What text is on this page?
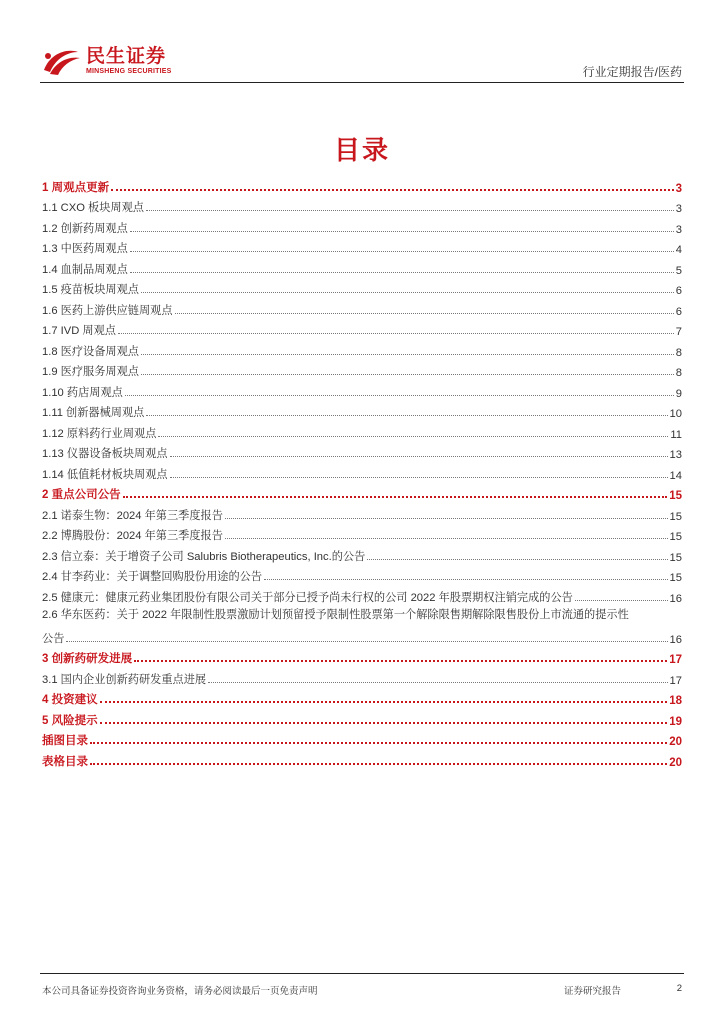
民生证券
MINSHENG SECURITIES	行业定期报告/医药
目录
1 周观点更新	3
1.1 CXO 板块周观点	3
1.2 创新药周观点	3
1.3 中医药周观点	4
1.4 血制品周观点	5
1.5 疫苗板块周观点	6
1.6 医药上游供应链周观点	6
1.7 IVD 周观点	7
1.8 医疗设备周观点	8
1.9 医疗服务周观点	8
1.10 药店周观点	9
1.11 创新器械周观点	10
1.12 原料药行业周观点	11
1.13 仪器设备板块周观点	13
1.14 低值耗材板块周观点	14
2 重点公司公告	15
2.1 诺泰生物：2024 年第三季度报告	15
2.2 博腾股份：2024 年第三季度报告	15
2.3 信立泰：关于增资子公司 Salubris Biotherapeutics, Inc.的公告	15
2.4 甘李药业：关于调整回购股份用途的公告	15
2.5 健康元：健康元药业集团股份有限公司关于部分已授予尚未行权的公司 2022 年股票期权注销完成的公告	16
2.6 华东医药：关于 2022 年限制性股票激励计划预留授予限制性股票第一个解除限售期解除限售股份上市流通的提示性
公告	16
3 创新药研发进展	17
3.1 国内企业创新药研发重点进展	17
4 投资建议	18
5 风险提示	19
插图目录	20
表格目录	20
本公司具备证券投资咨询业务资格，请务必阅读最后一页免责声明	证券研究报告	2
